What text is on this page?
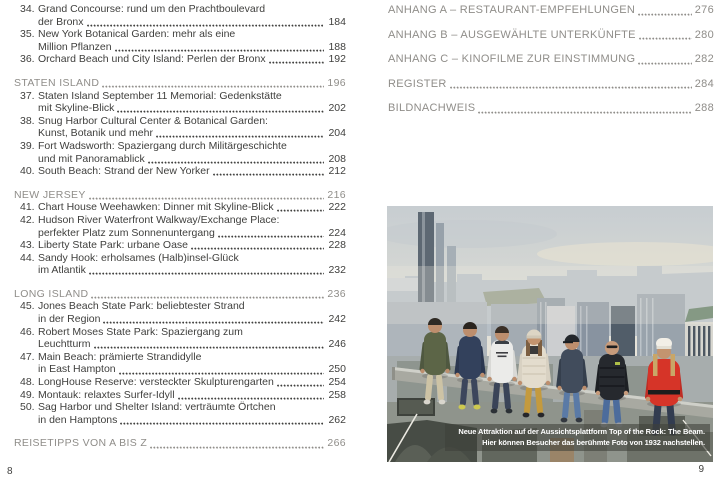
34. Grand Concourse: rund um den Prachtboulevard
der Bronx	184
35. New York Botanical Garden: mehr als eine
Million Pflanzen	188
36. Orchard Beach und City Island: Perlen der Bronx	192
STATEN ISLAND	196
37. Staten Island September 11 Memorial: Gedenkstätte
mit Skyline-Blick	202
38. Snug Harbor Cultural Center & Botanical Garden:
Kunst, Botanik und mehr	204
39. Fort Wadsworth: Spaziergang durch Militärgeschichte
und mit Panoramablick	208
40. South Beach: Strand der New Yorker	212
NEW JERSEY	216
41. Chart House Weehawken: Dinner mit Skyline-Blick	222
42. Hudson River Waterfront Walkway/Exchange Place:
perfekter Platz zum Sonnenuntergang	224
43. Liberty State Park: urbane Oase	228
44. Sandy Hook: erholsames (Halb)insel-Glück
im Atlantik	232
LONG ISLAND	236
45. Jones Beach State Park: beliebtester Strand
in der Region	242
46. Robert Moses State Park: Spaziergang zum
Leuchtturm	246
47. Main Beach: prämierte Strandidylle
in East Hampton	250
48. LongHouse Reserve: versteckter Skulpturengarten	254
49. Montauk: relaxtes Surfer-Idyll	258
50. Sag Harbor und Shelter Island: verträumte Örtchen
in den Hamptons	262
REISETIPPS VON A BIS Z	266
8
ANHANG A – RESTAURANT-EMPFEHLUNGEN	276
ANHANG B – AUSGEWÄHLTE UNTERKÜNFTE	280
ANHANG C – KINOFILME ZUR EINSTIMMUNG	282
REGISTER	284
BILDNACHWEIS	288
9
Neue Attraktion auf der Aussichtsplattform Top of the Rock: The Beam.
Hier können Besucher das berühmte Foto von 1932 nachstellen.
